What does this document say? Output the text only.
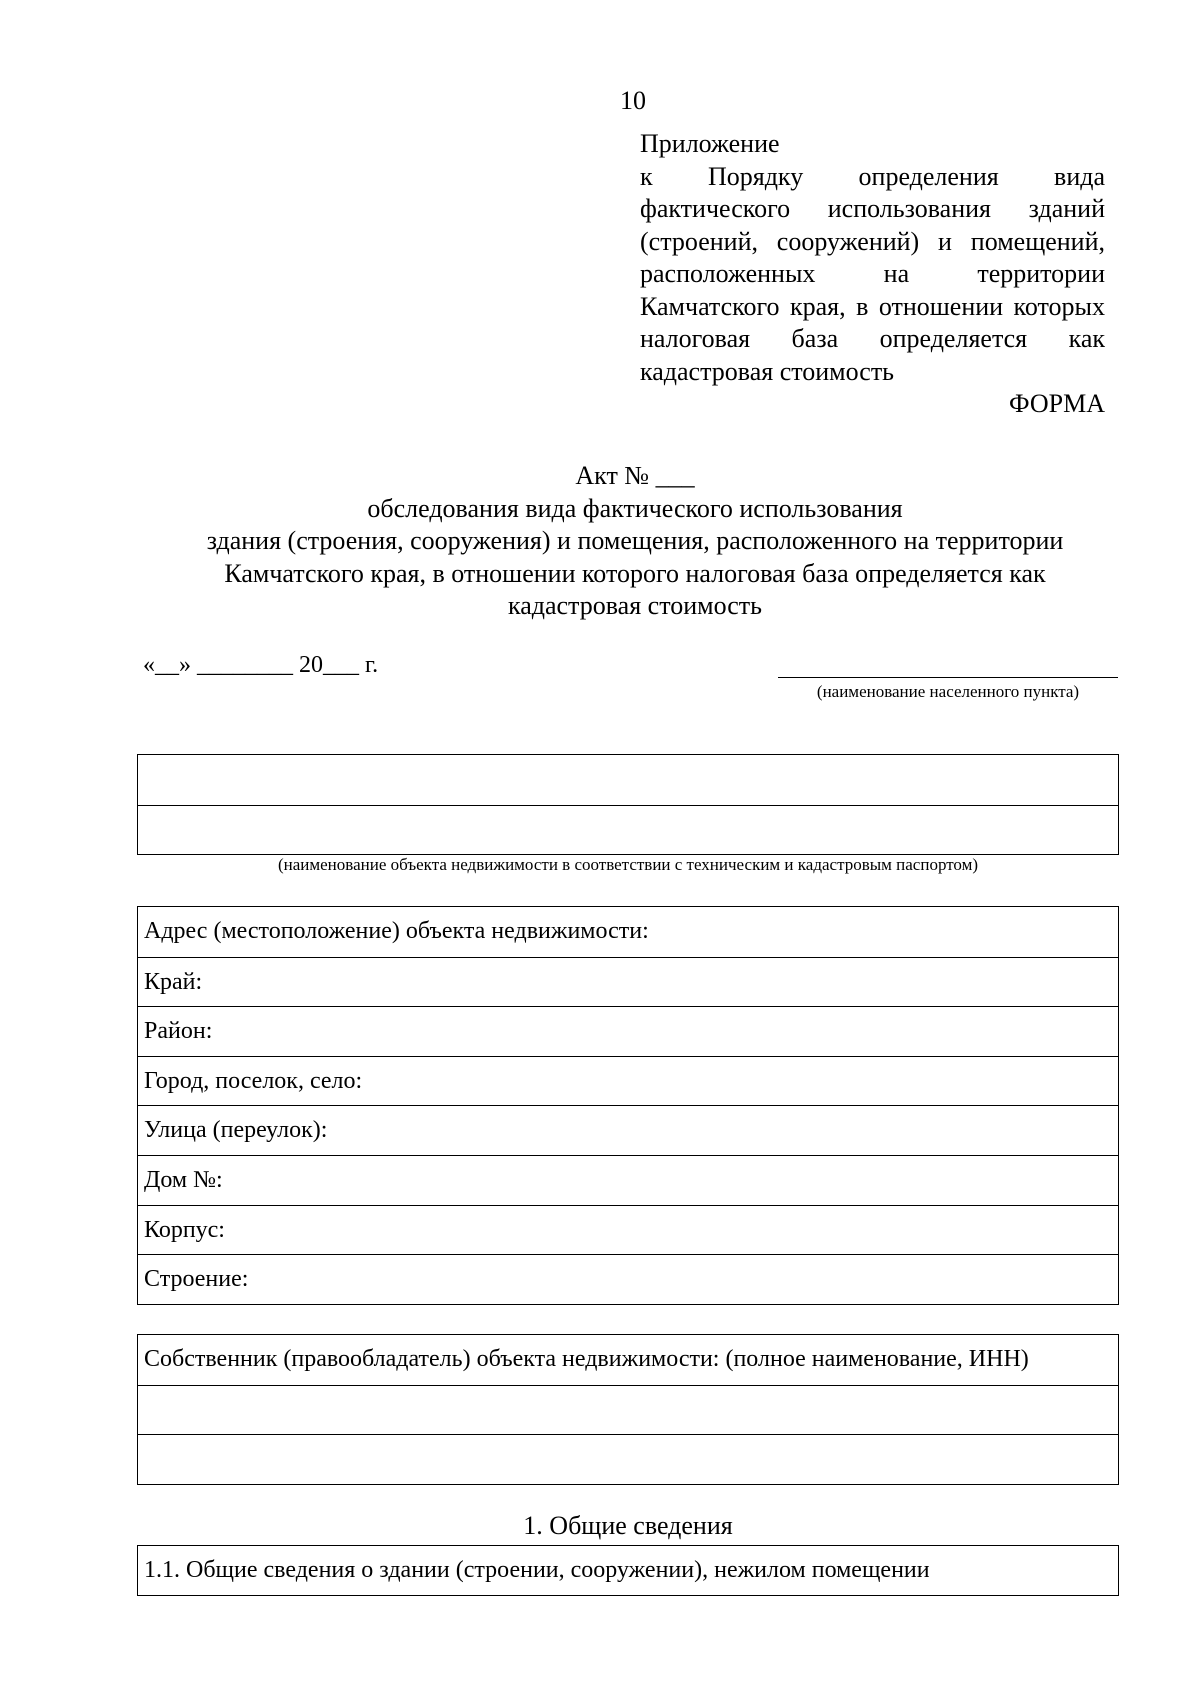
10
Приложение
к Порядку определения вида фактического использования зданий (строений, сооружений) и помещений, расположенных на территории Камчатского края, в отношении которых налоговая база определяется как кадастровая стоимость
ФОРМА
Акт № ___
обследования вида фактического использования
здания (строения, сооружения) и помещения, расположенного на территории
Камчатского края, в отношении которого налоговая база определяется как
кадастровая стоимость
«__» ________ 20___ г.
(наименование населенного пункта)
(наименование объекта недвижимости в соответствии с техническим и кадастровым паспортом)
Адрес (местоположение) объекта недвижимости:
Край:
Район:
Город, поселок, село:
Улица (переулок):
Дом №:
Корпус:
Строение:
Собственник (правообладатель) объекта недвижимости: (полное наименование, ИНН)
1. Общие сведения
1.1. Общие сведения о здании (строении, сооружении), нежилом помещении
